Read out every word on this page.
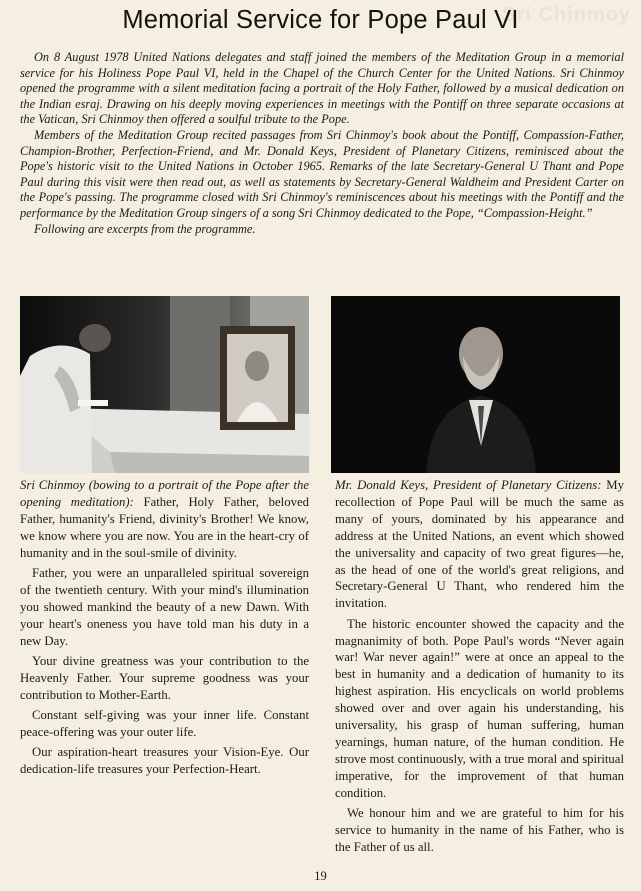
Sri Chinmoy
Memorial Service for Pope Paul VI

On 8 August 1978 United Nations delegates and staff joined the members of the Meditation Group in a memorial service for his Holiness Pope Paul VI, held in the Chapel of the Church Center for the United Nations. Sri Chinmoy opened the programme with a silent meditation facing a portrait of the Holy Father, followed by a musical dedication on the Indian esraj. Drawing on his deeply moving experiences in meetings with the Pontiff on three separate occasions at the Vatican, Sri Chinmoy then offered a soulful tribute to the Pope.

Members of the Meditation Group recited passages from Sri Chinmoy's book about the Pontiff, Compassion-Father, Champion-Brother, Perfection-Friend, and Mr. Donald Keys, President of Planetary Citizens, reminisced about the Pope's historic visit to the United Nations in October 1965. Remarks of the late Secretary-General U Thant and Pope Paul during this visit were then read out, as well as statements by Secretary-General Waldheim and President Carter on the Pope's passing. The programme closed with Sri Chinmoy's reminiscences about his meetings with the Pontiff and the performance by the Meditation Group singers of a song Sri Chinmoy dedicated to the Pope, “Compassion-Height.”

Following are excerpts from the programme.

Sri Chinmoy (bowing to a portrait of the Pope after the opening meditation): Father, Holy Father, beloved Father, humanity's Friend, divinity's Brother! We know, we know where you are now. You are in the heart-cry of humanity and in the soul-smile of divinity.

Father, you were an unparalleled spiritual sovereign of the twentieth century. With your mind's illumination you showed mankind the beauty of a new Dawn. With your heart's oneness you have told man his duty in a new Day.

Your divine greatness was your contribution to the Heavenly Father. Your supreme goodness was your contribution to Mother-Earth.

Constant self-giving was your inner life. Constant peace-offering was your outer life.

Our aspiration-heart treasures your Vision-Eye. Our dedication-life treasures your Perfection-Heart.

Mr. Donald Keys, President of Planetary Citizens: My recollection of Pope Paul will be much the same as many of yours, dominated by his appearance and address at the United Nations, an event which showed the universality and capacity of two great figures—he, as the head of one of the world's great religions, and Secretary-General U Thant, who rendered him the invitation.

The historic encounter showed the capacity and the magnanimity of both. Pope Paul's words “Never again war! War never again!” were at once an appeal to the best in humanity and a dedication of humanity to its highest aspiration. His encyclicals on world problems showed over and over again his understanding, his universality, his grasp of human suffering, human yearnings, human nature, of the human condition. He strove most continuously, with a true moral and spiritual imperative, for the improvement of that human condition.

We honour him and we are grateful to him for his service to humanity in the name of his Father, who is the Father of us all.

19
